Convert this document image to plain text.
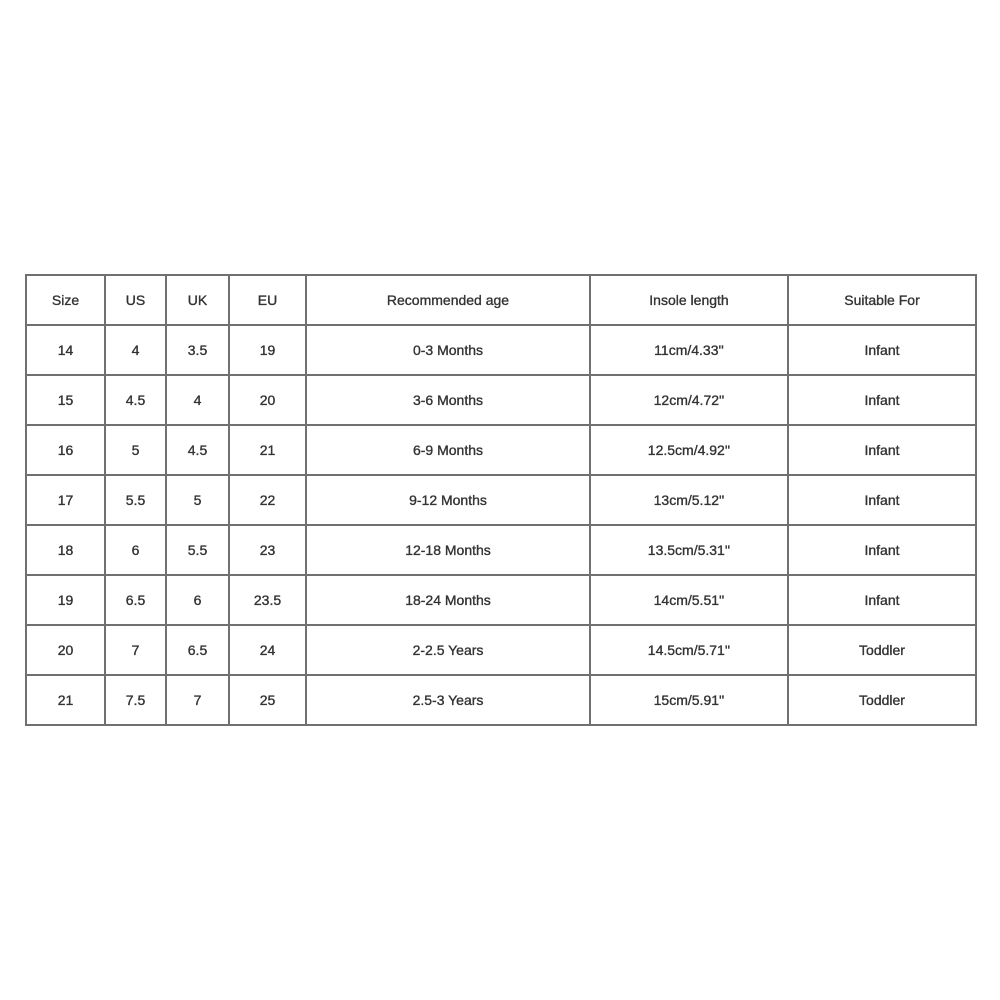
Size	US	UK	EU	Recommended age	Insole length	Suitable For
14	4	3.5	19	0-3 Months	11cm/4.33''	Infant
15	4.5	4	20	3-6 Months	12cm/4.72''	Infant
16	5	4.5	21	6-9 Months	12.5cm/4.92''	Infant
17	5.5	5	22	9-12 Months	13cm/5.12''	Infant
18	6	5.5	23	12-18 Months	13.5cm/5.31''	Infant
19	6.5	6	23.5	18-24 Months	14cm/5.51''	Infant
20	7	6.5	24	2-2.5 Years	14.5cm/5.71''	Toddler
21	7.5	7	25	2.5-3 Years	15cm/5.91''	Toddler
